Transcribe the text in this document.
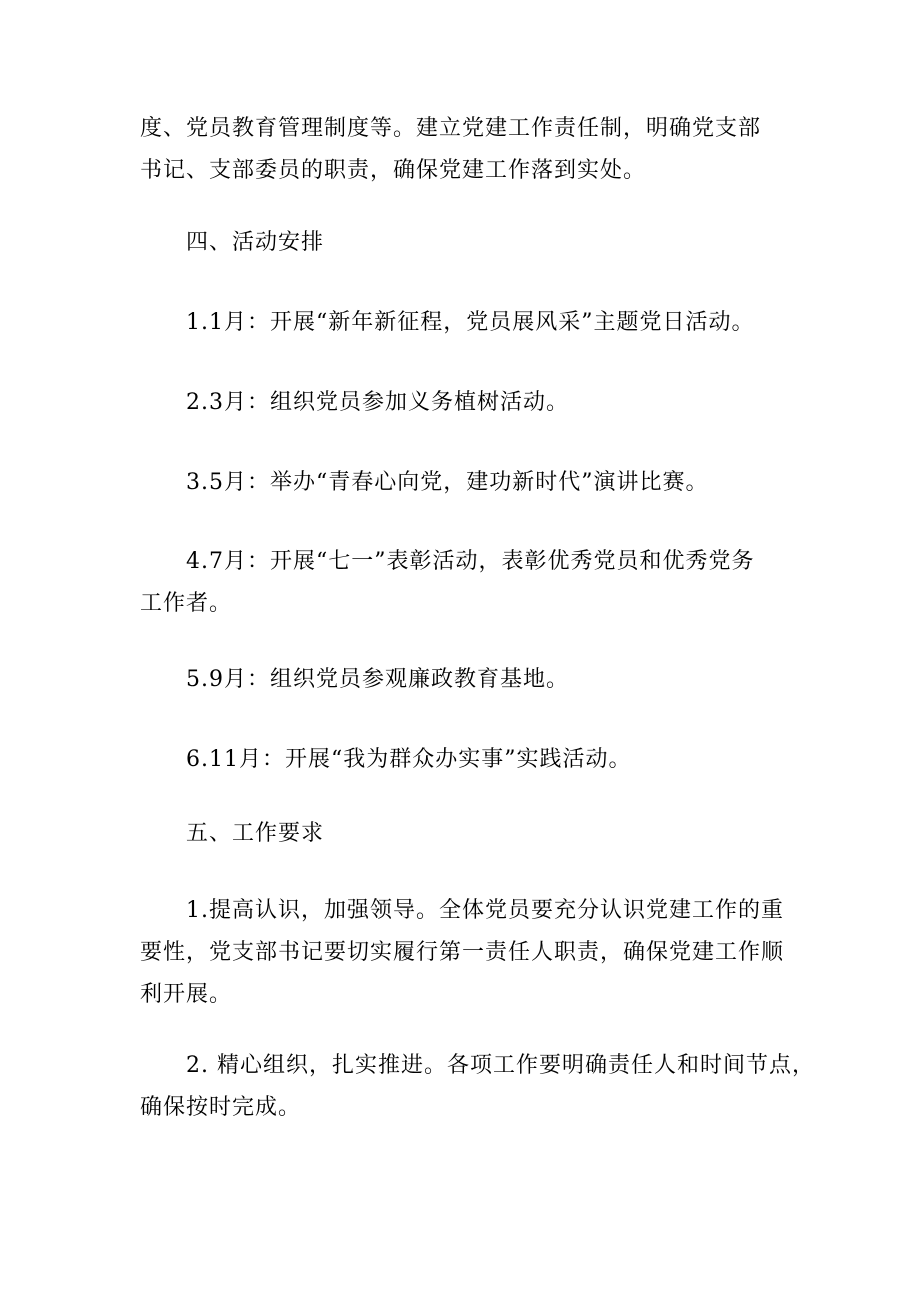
度、党员教育管理制度等。建立党建工作责任制，明确党支部
书记、支部委员的职责，确保党建工作落到实处。

四、活动安排

1.1月：开展“新年新征程，党员展风采”主题党日活动。

2.3月：组织党员参加义务植树活动。

3.5月：举办“青春心向党，建功新时代”演讲比赛。

4.7月：开展“七一”表彰活动，表彰优秀党员和优秀党务
工作者。

5.9月：组织党员参观廉政教育基地。

6.11月：开展“我为群众办实事”实践活动。

五、工作要求

1.提高认识，加强领导。全体党员要充分认识党建工作的重
要性，党支部书记要切实履行第一责任人职责，确保党建工作顺
利开展。

2. 精心组织，扎实推进。各项工作要明确责任人和时间节点，
确保按时完成。
